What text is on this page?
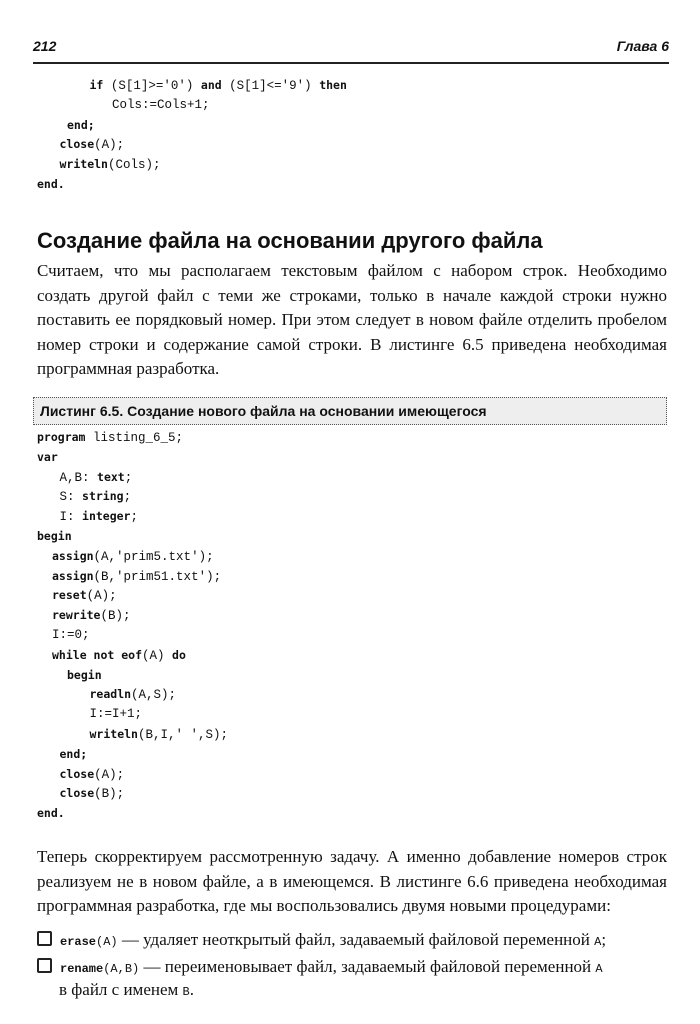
212	Глава 6
if (S[1]>='0') and (S[1]<='9') then
Cols:=Cols+1;
end;
close(A);
writeln(Cols);
end.
Создание файла на основании другого файла
Считаем, что мы располагаем текстовым файлом с набором строк. Необходимо создать другой файл с теми же строками, только в начале каждой строки нужно поставить ее порядковый номер. При этом следует в новом файле отделить пробелом номер строки и содержание самой строки. В листинге 6.5 приведена необходимая программная разработка.
Листинг 6.5. Создание нового файла на основании имеющегося
program listing_6_5;
var
A,B: text;
S: string;
I: integer;
begin
assign(A,'prim5.txt');
assign(B,'prim51.txt');
reset(A);
rewrite(B);
I:=0;
while not eof(A) do
begin
readln(A,S);
I:=I+1;
writeln(B,I,' ',S);
end;
close(A);
close(B);
end.
Теперь скорректируем рассмотренную задачу. А именно добавление номеров строк реализуем не в новом файле, а в имеющемся. В листинге 6.6 приведена необходимая программная разработка, где мы воспользовались двумя новыми процедурами:
erase(A) — удаляет неоткрытый файл, задаваемый файловой переменной A;
rename(A,B) — переименовывает файл, задаваемый файловой переменной A
в файл с именем B.
